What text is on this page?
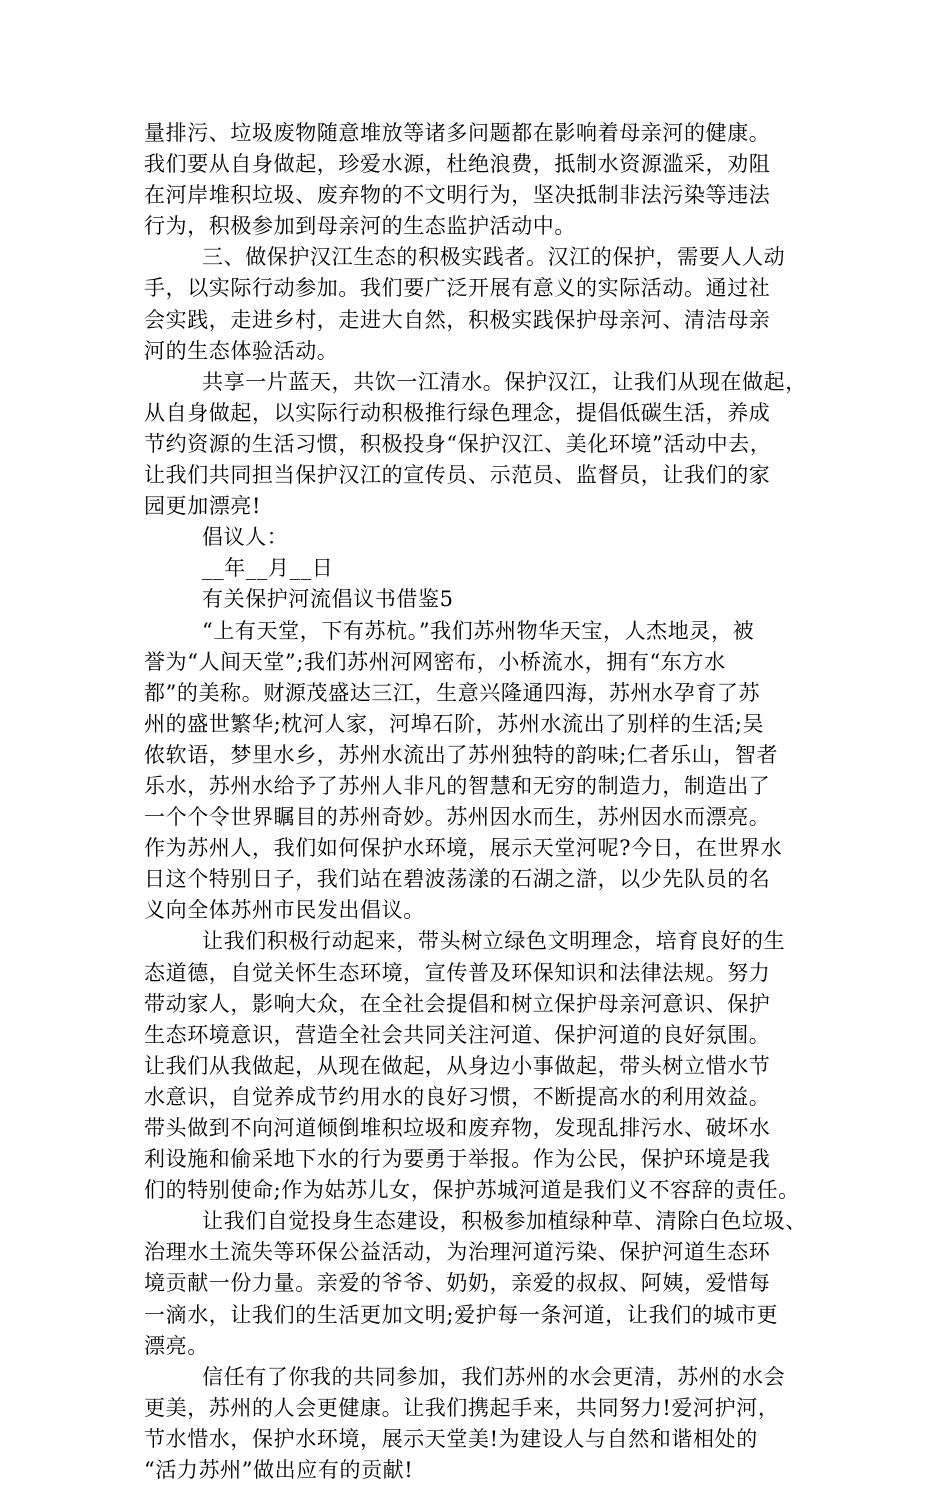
量排污、垃圾废物随意堆放等诸多问题都在影响着母亲河的健康。
我们要从自身做起，珍爱水源，杜绝浪费，抵制水资源滥采，劝阻
在河岸堆积垃圾、废弃物的不文明行为，坚决抵制非法污染等违法
行为，积极参加到母亲河的生态监护活动中。
三、做保护汉江生态的积极实践者。汉江的保护，需要人人动
手，以实际行动参加。我们要广泛开展有意义的实际活动。通过社
会实践，走进乡村，走进大自然，积极实践保护母亲河、清洁母亲
河的生态体验活动。
共享一片蓝天，共饮一江清水。保护汉江，让我们从现在做起，
从自身做起，以实际行动积极推行绿色理念，提倡低碳生活，养成
节约资源的生活习惯，积极投身“保护汉江、美化环境”活动中去，
让我们共同担当保护汉江的宣传员、示范员、监督员，让我们的家
园更加漂亮!
倡议人：
__年__月__日
有关保护河流倡议书借鉴5
“上有天堂，下有苏杭。”我们苏州物华天宝，人杰地灵，被
誉为“人间天堂”;我们苏州河网密布，小桥流水，拥有“东方水
都”的美称。财源茂盛达三江，生意兴隆通四海，苏州水孕育了苏
州的盛世繁华;枕河人家，河埠石阶，苏州水流出了别样的生活;吴
侬软语，梦里水乡，苏州水流出了苏州独特的韵味;仁者乐山，智者
乐水，苏州水给予了苏州人非凡的智慧和无穷的制造力，制造出了
一个个令世界瞩目的苏州奇妙。苏州因水而生，苏州因水而漂亮。
作为苏州人，我们如何保护水环境，展示天堂河呢?今日，在世界水
日这个特别日子，我们站在碧波荡漾的石湖之滸，以少先队员的名
义向全体苏州市民发出倡议。
让我们积极行动起来，带头树立绿色文明理念，培育良好的生
态道德，自觉关怀生态环境，宣传普及环保知识和法律法规。努力
带动家人，影响大众，在全社会提倡和树立保护母亲河意识、保护
生态环境意识，营造全社会共同关注河道、保护河道的良好氛围。
让我们从我做起，从现在做起，从身边小事做起，带头树立惜水节
水意识，自觉养成节约用水的良好习惯，不断提高水的利用效益。
带头做到不向河道倾倒堆积垃圾和废弃物，发现乱排污水、破坏水
利设施和偷采地下水的行为要勇于举报。作为公民，保护环境是我
们的特别使命;作为姑苏儿女，保护苏城河道是我们义不容辞的责任。
让我们自觉投身生态建设，积极参加植绿种草、清除白色垃圾、
治理水土流失等环保公益活动，为治理河道污染、保护河道生态环
境贡献一份力量。亲爱的爷爷、奶奶，亲爱的叔叔、阿姨，爱惜每
一滴水，让我们的生活更加文明;爱护每一条河道，让我们的城市更
漂亮。
信任有了你我的共同参加，我们苏州的水会更清，苏州的水会
更美，苏州的人会更健康。让我们携起手来，共同努力!爱河护河，
节水惜水，保护水环境，展示天堂美!为建设人与自然和谐相处的
“活力苏州”做出应有的贡献!
